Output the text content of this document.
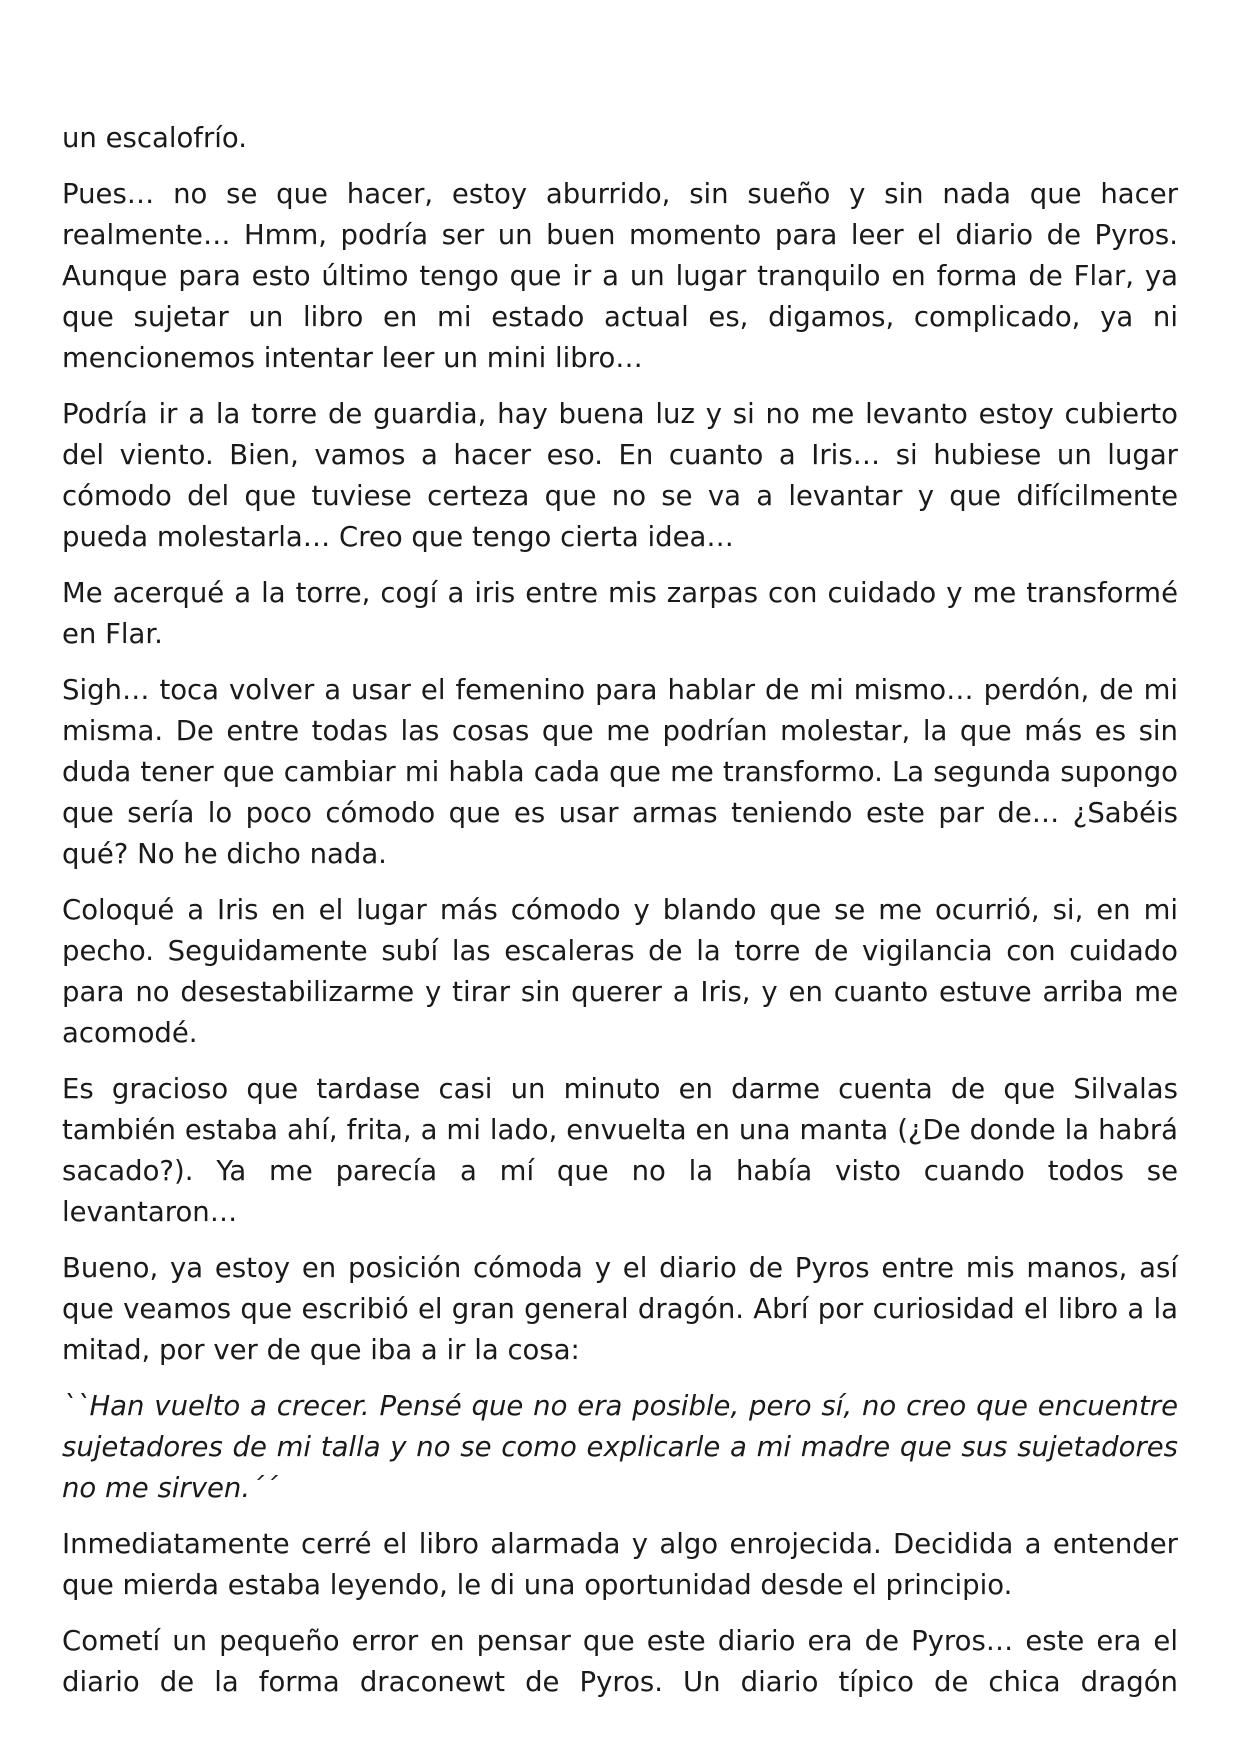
un escalofrío.

Pues… no se que hacer, estoy aburrido, sin sueño y sin nada que hacer realmente… Hmm, podría ser un buen momento para leer el diario de Pyros. Aunque para esto último tengo que ir a un lugar tranquilo en forma de Flar, ya que sujetar un libro en mi estado actual es, digamos, complicado, ya ni mencionemos intentar leer un mini libro…

Podría ir a la torre de guardia, hay buena luz y si no me levanto estoy cubierto del viento. Bien, vamos a hacer eso. En cuanto a Iris… si hubiese un lugar cómodo del que tuviese certeza que no se va a levantar y que difícilmente pueda molestarla… Creo que tengo cierta idea…

Me acerqué a la torre, cogí a iris entre mis zarpas con cuidado y me transformé en Flar.

Sigh… toca volver a usar el femenino para hablar de mi mismo… perdón, de mi misma. De entre todas las cosas que me podrían molestar, la que más es sin duda tener que cambiar mi habla cada que me transformo. La segunda supongo que sería lo poco cómodo que es usar armas teniendo este par de… ¿Sabéis qué? No he dicho nada.

Coloqué a Iris en el lugar más cómodo y blando que se me ocurrió, si, en mi pecho. Seguidamente subí las escaleras de la torre de vigilancia con cuidado para no desestabilizarme y tirar sin querer a Iris, y en cuanto estuve arriba me acomodé.

Es gracioso que tardase casi un minuto en darme cuenta de que Silvalas también estaba ahí, frita, a mi lado, envuelta en una manta (¿De donde la habrá sacado?). Ya me parecía a mí que no la había visto cuando todos se levantaron…

Bueno, ya estoy en posición cómoda y el diario de Pyros entre mis manos, así que veamos que escribió el gran general dragón. Abrí por curiosidad el libro a la mitad, por ver de que iba a ir la cosa:

``Han vuelto a crecer. Pensé que no era posible, pero sí, no creo que encuentre sujetadores de mi talla y no se como explicarle a mi madre que sus sujetadores no me sirven.´´

Inmediatamente cerré el libro alarmada y algo enrojecida. Decidida a entender que mierda estaba leyendo, le di una oportunidad desde el principio.

Cometí un pequeño error en pensar que este diario era de Pyros… este era el diario de la forma draconewt de Pyros. Un diario típico de chica dragón
